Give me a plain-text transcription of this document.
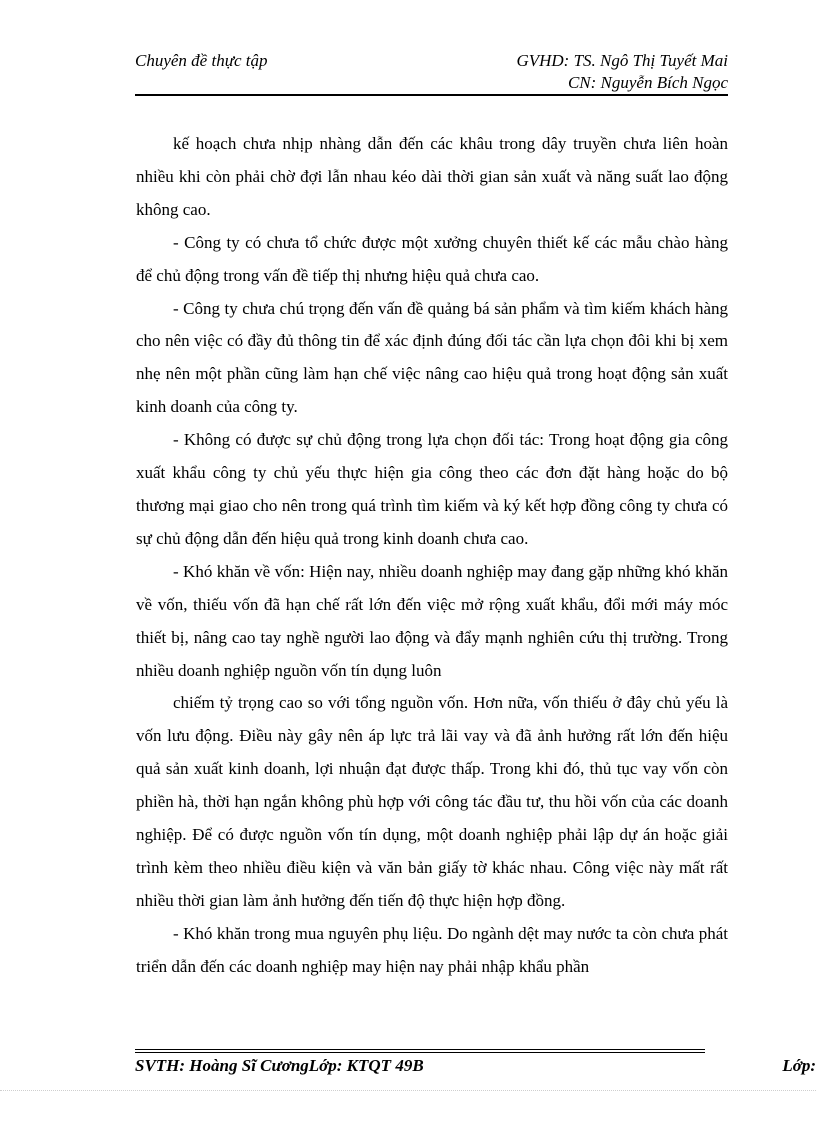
Chuyên đề thực tập	GVHD: TS. Ngô Thị Tuyết Mai
CN: Nguyễn Bích Ngọc

kế hoạch chưa nhịp nhàng dẫn đến các khâu trong dây truyền chưa liên hoàn nhiều khi còn phải chờ đợi lẫn nhau kéo dài thời gian sản xuất và năng suất lao động không cao.

- Công ty có chưa tổ chức được một xưởng chuyên thiết kế các mẫu chào hàng để chủ động trong vấn đề tiếp thị nhưng hiệu quả chưa cao.

- Công ty chưa chú trọng đến vấn đề quảng bá sản phẩm và tìm kiếm khách hàng cho nên việc có đầy đủ thông tin để xác định đúng đối tác cần lựa chọn đôi khi bị xem nhẹ nên một phần cũng làm hạn chế việc nâng cao hiệu quả trong hoạt động sản xuất kinh doanh của công ty.

- Không có được sự chủ động trong lựa chọn đối tác: Trong hoạt động gia công xuất khẩu công ty chủ yếu thực hiện gia công theo các đơn đặt hàng hoặc do bộ thương mại giao cho nên trong quá trình tìm kiếm và ký kết hợp đồng công ty chưa có sự chủ động dẫn đến hiệu quả trong kinh doanh chưa cao.

- Khó khăn về vốn: Hiện nay, nhiều doanh nghiệp may đang gặp những khó khăn về vốn, thiếu vốn đã hạn chế rất lớn đến việc mở rộng xuất khẩu, đổi mới máy móc thiết bị, nâng cao tay nghề người lao động và đẩy mạnh nghiên cứu thị trường. Trong nhiều doanh nghiệp nguồn vốn tín dụng luôn

chiếm tỷ trọng cao so với tổng nguồn vốn. Hơn nữa, vốn thiếu ở đây chủ yếu là vốn lưu động. Điều này gây nên áp lực trả lãi vay và đã ảnh hưởng rất lớn đến hiệu quả sản xuất kinh doanh, lợi nhuận đạt được thấp. Trong khi đó, thủ tục vay vốn còn phiền hà, thời hạn ngắn không phù hợp với công tác đầu tư, thu hồi vốn của các doanh nghiệp. Để có được nguồn vốn tín dụng, một doanh nghiệp phải lập dự án hoặc giải trình kèm theo nhiều điều kiện và văn bản giấy tờ khác nhau. Công việc này mất rất nhiều thời gian làm ảnh hưởng đến tiến độ thực hiện hợp đồng.

- Khó khăn trong mua nguyên phụ liệu. Do ngành dệt may nước ta còn chưa phát triển dẫn đến các doanh nghiệp may hiện nay phải nhập khẩu phần

SVTH: Hoàng Sĩ CươngLớp: KTQT 49B	Lớp:
